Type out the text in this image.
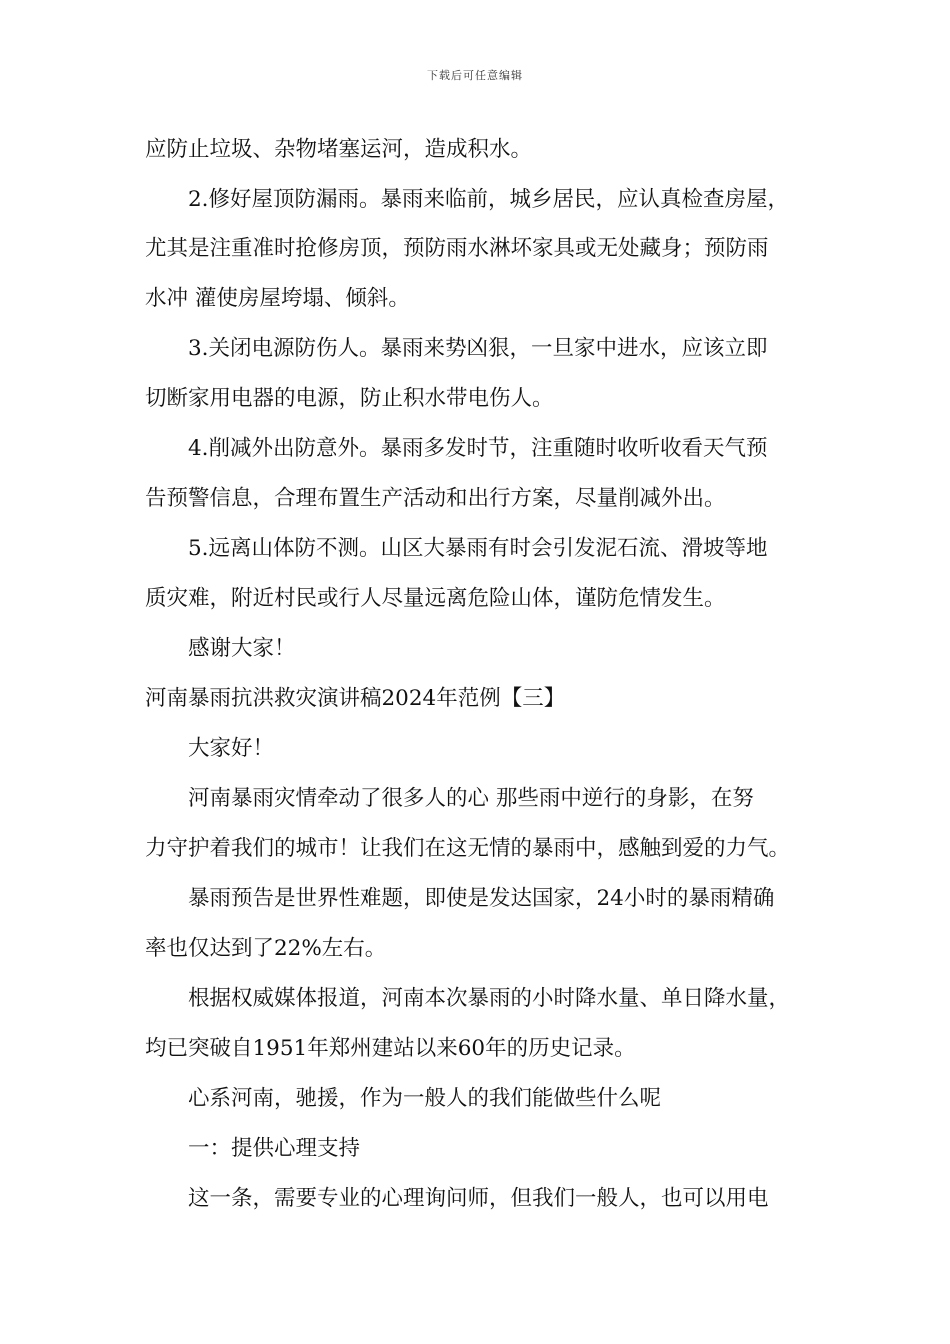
下载后可任意编辑
应防止垃圾、杂物堵塞运河，造成积水。
2.修好屋顶防漏雨。暴雨来临前，城乡居民，应认真检查房屋，
尤其是注重准时抢修房顶，预防雨水淋坏家具或无处藏身；预防雨
水冲 灌使房屋垮塌、倾斜。
3.关闭电源防伤人。暴雨来势凶狠，一旦家中进水，应该立即
切断家用电器的电源，防止积水带电伤人。
4.削减外出防意外。暴雨多发时节，注重随时收听收看天气预
告预警信息，合理布置生产活动和出行方案，尽量削减外出。
5.远离山体防不测。山区大暴雨有时会引发泥石流、滑坡等地
质灾难，附近村民或行人尽量远离危险山体，谨防危情发生。
感谢大家！
河南暴雨抗洪救灾演讲稿2024年范例【三】
大家好！
河南暴雨灾情牵动了很多人的心 那些雨中逆行的身影，在努
力守护着我们的城市！让我们在这无情的暴雨中，感触到爱的力气。
暴雨预告是世界性难题，即使是发达国家，24小时的暴雨精确
率也仅达到了22%左右。
根据权威媒体报道，河南本次暴雨的小时降水量、单日降水量，
均已突破自1951年郑州建站以来60年的历史记录。
心系河南，驰援，作为一般人的我们能做些什么呢
一：提供心理支持
这一条，需要专业的心理询问师，但我们一般人，也可以用电
